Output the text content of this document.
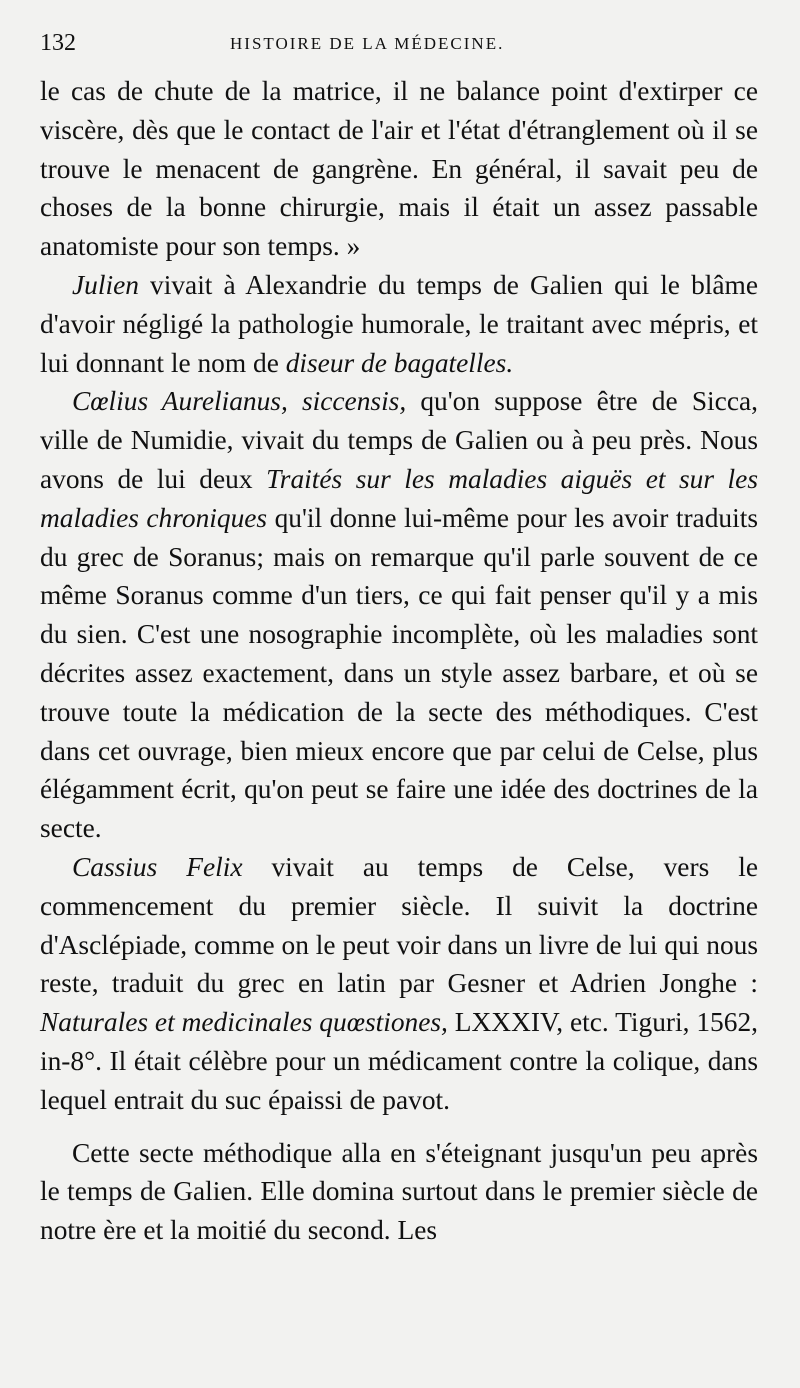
132	HISTOIRE DE LA MÉDECINE.

le cas de chute de la matrice, il ne balance point d'extirper ce viscère, dès que le contact de l'air et l'état d'étranglement où il se trouve le menacent de gangrène. En général, il savait peu de choses de la bonne chirurgie, mais il était un assez passable anatomiste pour son temps. »

Julien vivait à Alexandrie du temps de Galien qui le blâme d'avoir négligé la pathologie humorale, le traitant avec mépris, et lui donnant le nom de diseur de bagatelles.

Cœlius Aurelianus, siccensis, qu'on suppose être de Sicca, ville de Numidie, vivait du temps de Galien ou à peu près. Nous avons de lui deux Traités sur les maladies aiguës et sur les maladies chroniques qu'il donne lui-même pour les avoir traduits du grec de Soranus; mais on remarque qu'il parle souvent de ce même Soranus comme d'un tiers, ce qui fait penser qu'il y a mis du sien. C'est une nosographie incomplète, où les maladies sont décrites assez exactement, dans un style assez barbare, et où se trouve toute la médication de la secte des méthodiques. C'est dans cet ouvrage, bien mieux encore que par celui de Celse, plus élégamment écrit, qu'on peut se faire une idée des doctrines de la secte.

Cassius Felix vivait au temps de Celse, vers le commencement du premier siècle. Il suivit la doctrine d'Asclépiade, comme on le peut voir dans un livre de lui qui nous reste, traduit du grec en latin par Gesner et Adrien Jonghe : Naturales et medicinales quœstiones, LXXXIV, etc. Tiguri, 1562, in-8°. Il était célèbre pour un médicament contre la colique, dans lequel entrait du suc épaissi de pavot.

Cette secte méthodique alla en s'éteignant jusqu'un peu après le temps de Galien. Elle domina surtout dans le premier siècle de notre ère et la moitié du second. Les
